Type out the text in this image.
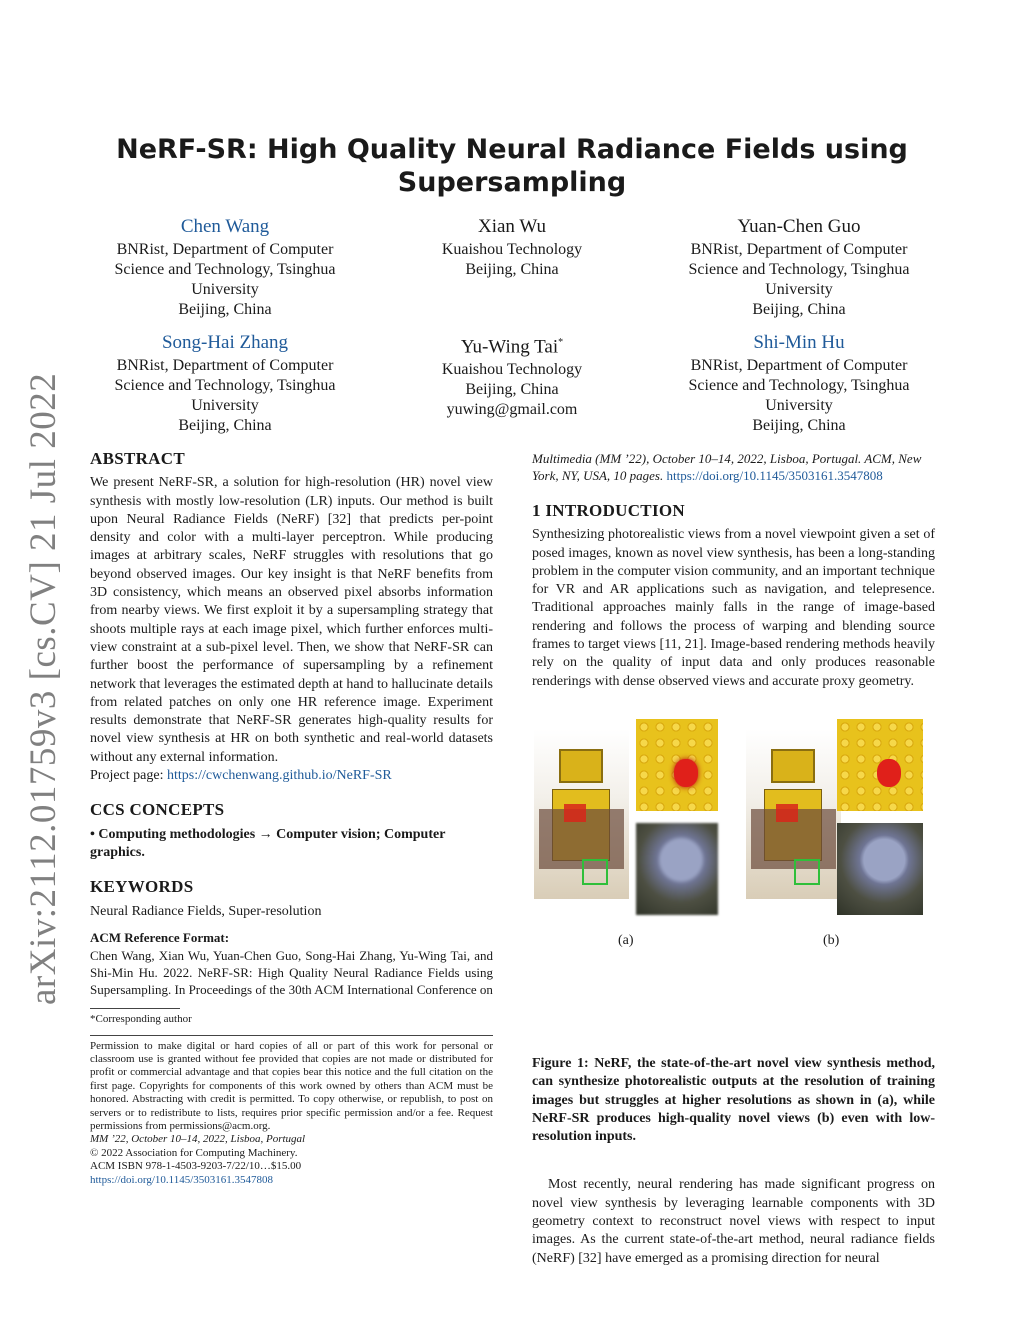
arXiv:2112.01759v3 [cs.CV] 21 Jul 2022
NeRF-SR: High Quality Neural Radiance Fields using Supersampling
Chen Wang
BNRist, Department of Computer
Science and Technology, Tsinghua
University
Beijing, China
Xian Wu
Kuaishou Technology
Beijing, China
Yuan-Chen Guo
BNRist, Department of Computer
Science and Technology, Tsinghua
University
Beijing, China
Song-Hai Zhang
BNRist, Department of Computer
Science and Technology, Tsinghua
University
Beijing, China
Yu-Wing Tai*
Kuaishou Technology
Beijing, China
yuwing@gmail.com
Shi-Min Hu
BNRist, Department of Computer
Science and Technology, Tsinghua
University
Beijing, China
ABSTRACT

We present NeRF-SR, a solution for high-resolution (HR) novel view synthesis with mostly low-resolution (LR) inputs. Our method is built upon Neural Radiance Fields (NeRF) [32] that predicts per-point density and color with a multi-layer perceptron. While producing images at arbitrary scales, NeRF struggles with resolutions that go beyond observed images. Our key insight is that NeRF benefits from 3D consistency, which means an observed pixel absorbs information from nearby views. We first exploit it by a supersampling strategy that shoots multiple rays at each image pixel, which further enforces multi-view constraint at a sub-pixel level. Then, we show that NeRF-SR can further boost the performance of supersampling by a refinement network that leverages the estimated depth at hand to hallucinate details from related patches on only one HR reference image. Experiment results demonstrate that NeRF-SR generates high-quality results for novel view synthesis at HR on both synthetic and real-world datasets without any external information.

Project page: https://cwchenwang.github.io/NeRF-SR

CCS CONCEPTS

• Computing methodologies → Computer vision; Computer graphics.

KEYWORDS

Neural Radiance Fields, Super-resolution

ACM Reference Format:

Chen Wang, Xian Wu, Yuan-Chen Guo, Song-Hai Zhang, Yu-Wing Tai, and Shi-Min Hu. 2022. NeRF-SR: High Quality Neural Radiance Fields using Supersampling. In Proceedings of the 30th ACM International Conference on

*Corresponding author

Permission to make digital or hard copies of all or part of this work for personal or classroom use is granted without fee provided that copies are not made or distributed for profit or commercial advantage and that copies bear this notice and the full citation on the first page. Copyrights for components of this work owned by others than ACM must be honored. Abstracting with credit is permitted. To copy otherwise, or republish, to post on servers or to redistribute to lists, requires prior specific permission and/or a fee. Request permissions from permissions@acm.org.

MM ’22, October 10–14, 2022, Lisboa, Portugal

© 2022 Association for Computing Machinery.

ACM ISBN 978-1-4503-9203-7/22/10…$15.00

https://doi.org/10.1145/3503161.3547808

Multimedia (MM ’22), October 10–14, 2022, Lisboa, Portugal. ACM, New York, NY, USA, 10 pages. https://doi.org/10.1145/3503161.3547808

1 INTRODUCTION

Synthesizing photorealistic views from a novel viewpoint given a set of posed images, known as novel view synthesis, has been a long-standing problem in the computer vision community, and an important technique for VR and AR applications such as navigation, and telepresence. Traditional approaches mainly falls in the range of image-based rendering and follows the process of warping and blending source frames to target views [11, 21]. Image-based rendering methods heavily rely on the quality of input data and only produces reasonable renderings with dense observed views and accurate proxy geometry.

(a)	(b)

Figure 1: NeRF, the state-of-the-art novel view synthesis method, can synthesize photorealistic outputs at the resolution of training images but struggles at higher resolutions as shown in (a), while NeRF-SR produces high-quality novel views (b) even with low-resolution inputs.

Most recently, neural rendering has made significant progress on novel view synthesis by leveraging learnable components with 3D geometry context to reconstruct novel views with respect to input images. As the current state-of-the-art method, neural radiance fields (NeRF) [32] have emerged as a promising direction for neural
